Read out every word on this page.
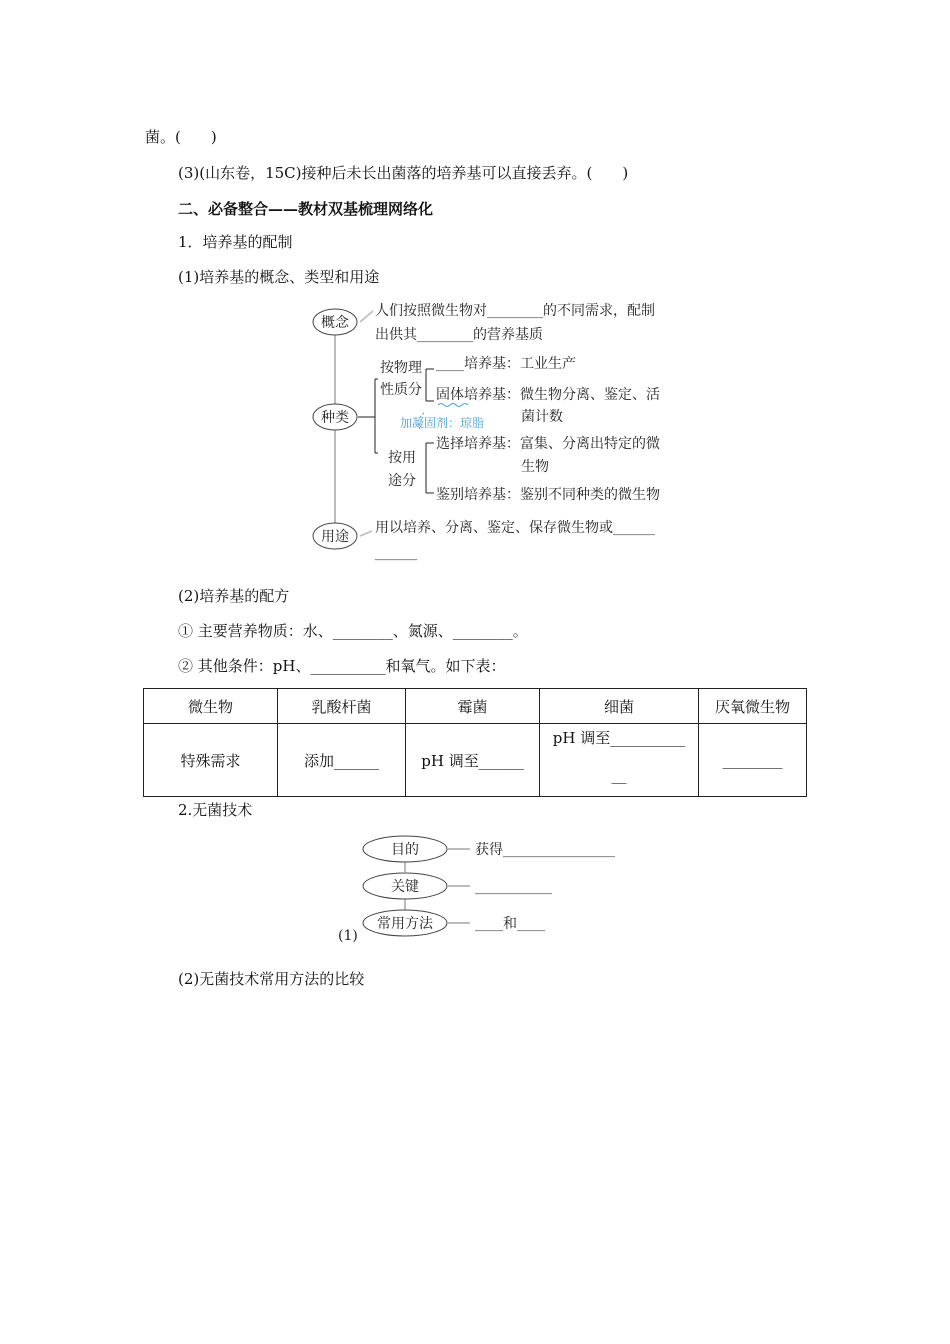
菌。(　　)
(3)(山东卷，15C)接种后未长出菌落的培养基可以直接丢弃。(　　)
二、必备整合——教材双基梳理网络化
1．培养基的配制
(1)培养基的概念、类型和用途
概念
种类
用途
人们按照微生物对________的不同需求，配制
出供其________的营养基质
按物理
性质分
____培养基：工业生产
固体培养基：微生物分离、鉴定、活
菌计数
加凝固剂：琼脂
按用
途分
选择培养基：富集、分离出特定的微
生物
鉴别培养基：鉴别不同种类的微生物
用以培养、分离、鉴定、保存微生物或______
______
(2)培养基的配方
① 主要营养物质：水、________、氮源、________。
② 其他条件：pH、__________和氧气。如下表：
微生物	乳酸杆菌	霉菌	细菌	厌氧微生物
特殊需求	添加______	pH 调至______	pH 调至__________
__	________
2.无菌技术
目的
关键
常用方法
获得________________
___________
____和____
(1)
(2)无菌技术常用方法的比较
